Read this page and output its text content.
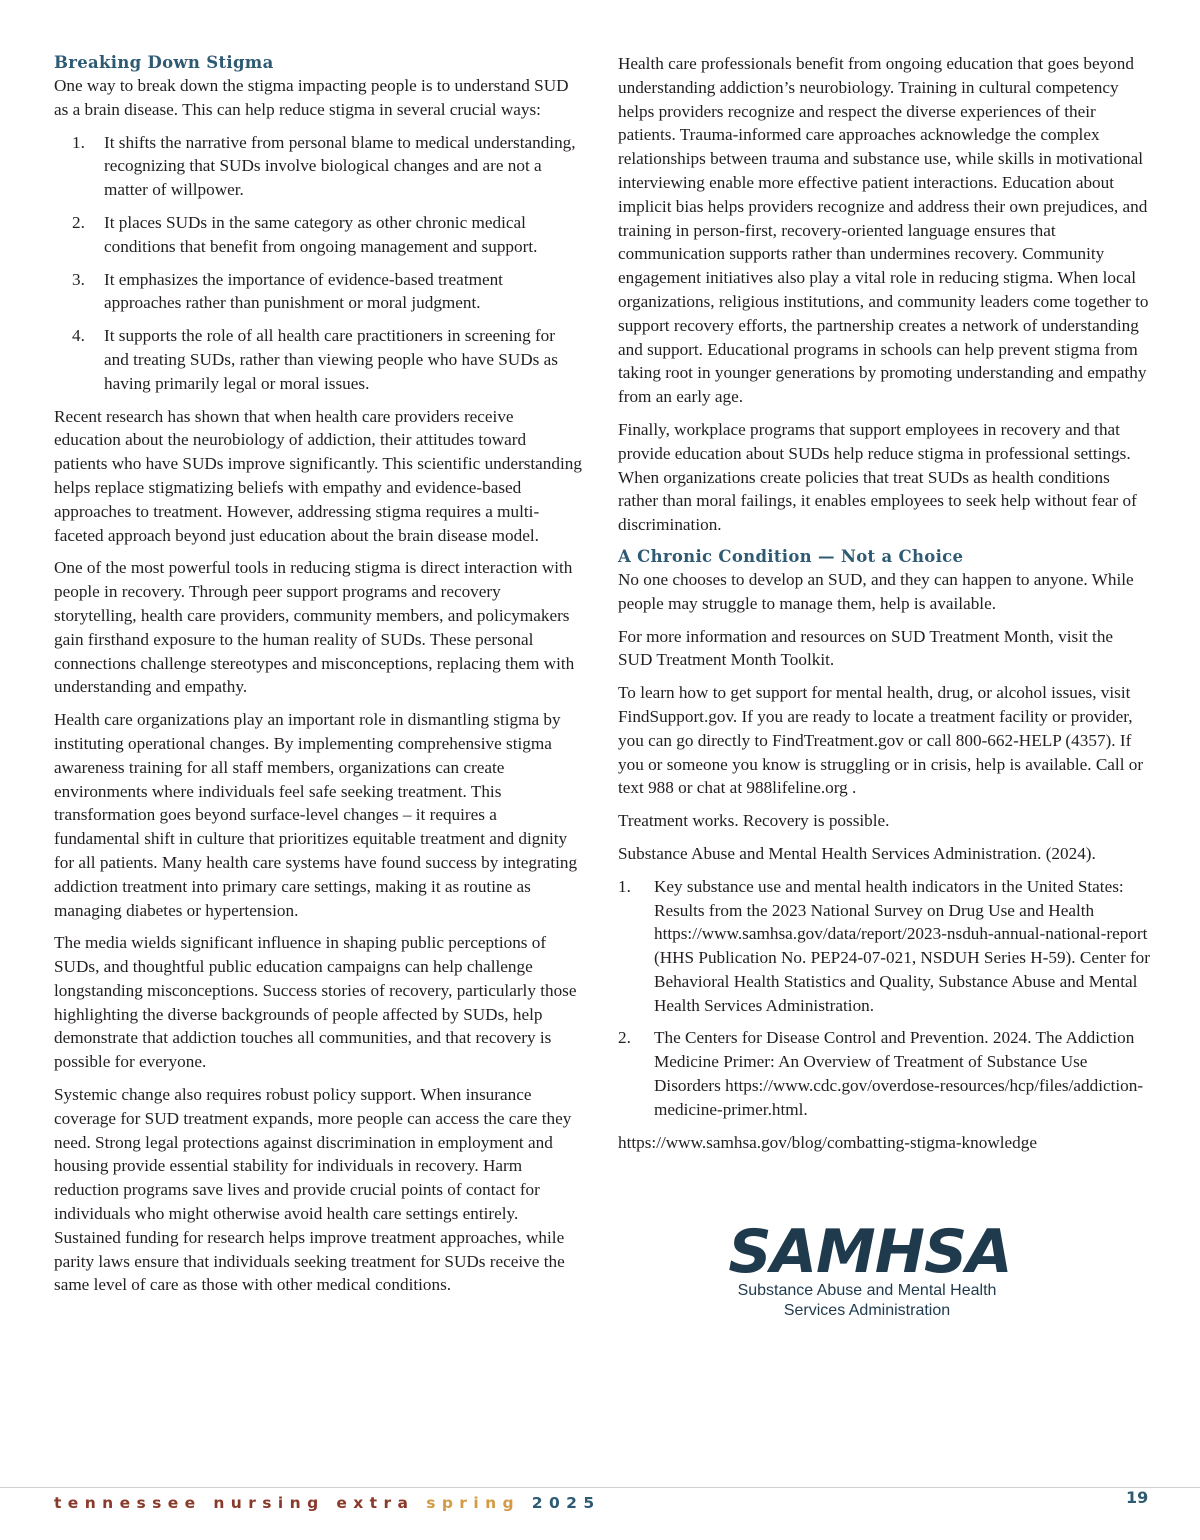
Breaking Down Stigma

One way to break down the stigma impacting people is to understand SUD as a brain disease. This can help reduce stigma in several crucial ways:

1. It shifts the narrative from personal blame to medical understanding, recognizing that SUDs involve biological changes and are not a matter of willpower.
2. It places SUDs in the same category as other chronic medical conditions that benefit from ongoing management and support.
3. It emphasizes the importance of evidence-based treatment approaches rather than punishment or moral judgment.
4. It supports the role of all health care practitioners in screening for and treating SUDs, rather than viewing people who have SUDs as having primarily legal or moral issues.

Recent research has shown that when health care providers receive education about the neurobiology of addiction, their attitudes toward patients who have SUDs improve significantly. This scientific understanding helps replace stigmatizing beliefs with empathy and evidence-based approaches to treatment. However, addressing stigma requires a multi-faceted approach beyond just education about the brain disease model.

One of the most powerful tools in reducing stigma is direct interaction with people in recovery. Through peer support programs and recovery storytelling, health care providers, community members, and policymakers gain firsthand exposure to the human reality of SUDs. These personal connections challenge stereotypes and misconceptions, replacing them with understanding and empathy.

Health care organizations play an important role in dismantling stigma by instituting operational changes. By implementing comprehensive stigma awareness training for all staff members, organizations can create environments where individuals feel safe seeking treatment. This transformation goes beyond surface-level changes – it requires a fundamental shift in culture that prioritizes equitable treatment and dignity for all patients. Many health care systems have found success by integrating addiction treatment into primary care settings, making it as routine as managing diabetes or hypertension.

The media wields significant influence in shaping public perceptions of SUDs, and thoughtful public education campaigns can help challenge longstanding misconceptions. Success stories of recovery, particularly those highlighting the diverse backgrounds of people affected by SUDs, help demonstrate that addiction touches all communities, and that recovery is possible for everyone.

Systemic change also requires robust policy support. When insurance coverage for SUD treatment expands, more people can access the care they need. Strong legal protections against discrimination in employment and housing provide essential stability for individuals in recovery. Harm reduction programs save lives and provide crucial points of contact for individuals who might otherwise avoid health care settings entirely. Sustained funding for research helps improve treatment approaches, while parity laws ensure that individuals seeking treatment for SUDs receive the same level of care as those with other medical conditions.

Health care professionals benefit from ongoing education that goes beyond understanding addiction’s neurobiology. Training in cultural competency helps providers recognize and respect the diverse experiences of their patients. Trauma-informed care approaches acknowledge the complex relationships between trauma and substance use, while skills in motivational interviewing enable more effective patient interactions. Education about implicit bias helps providers recognize and address their own prejudices, and training in person-first, recovery-oriented language ensures that communication supports rather than undermines recovery. Community engagement initiatives also play a vital role in reducing stigma. When local organizations, religious institutions, and community leaders come together to support recovery efforts, the partnership creates a network of understanding and support. Educational programs in schools can help prevent stigma from taking root in younger generations by promoting understanding and empathy from an early age.

Finally, workplace programs that support employees in recovery and that provide education about SUDs help reduce stigma in professional settings. When organizations create policies that treat SUDs as health conditions rather than moral failings, it enables employees to seek help without fear of discrimination.

A Chronic Condition — Not a Choice

No one chooses to develop an SUD, and they can happen to anyone. While people may struggle to manage them, help is available.

For more information and resources on SUD Treatment Month, visit the SUD Treatment Month Toolkit.

To learn how to get support for mental health, drug, or alcohol issues, visit FindSupport.gov. If you are ready to locate a treatment facility or provider, you can go directly to FindTreatment.gov or call 800-662-HELP (4357). If you or someone you know is struggling or in crisis, help is available. Call or text 988 or chat at 988lifeline.org .

Treatment works. Recovery is possible.

Substance Abuse and Mental Health Services Administration. (2024).

1. Key substance use and mental health indicators in the United States: Results from the 2023 National Survey on Drug Use and Health https://www.samhsa.gov/data/report/2023-nsduh-annual-national-report (HHS Publication No. PEP24-07-021, NSDUH Series H-59). Center for Behavioral Health Statistics and Quality, Substance Abuse and Mental Health Services Administration.
2. The Centers for Disease Control and Prevention. 2024. The Addiction Medicine Primer: An Overview of Treatment of Substance Use Disorders https://www.cdc.gov/overdose-resources/hcp/files/addiction-medicine-primer.html.

https://www.samhsa.gov/blog/combatting-stigma-knowledge

SAMHSA
Substance Abuse and Mental Health
Services Administration
tennessee nursing extra spring 2025	19
